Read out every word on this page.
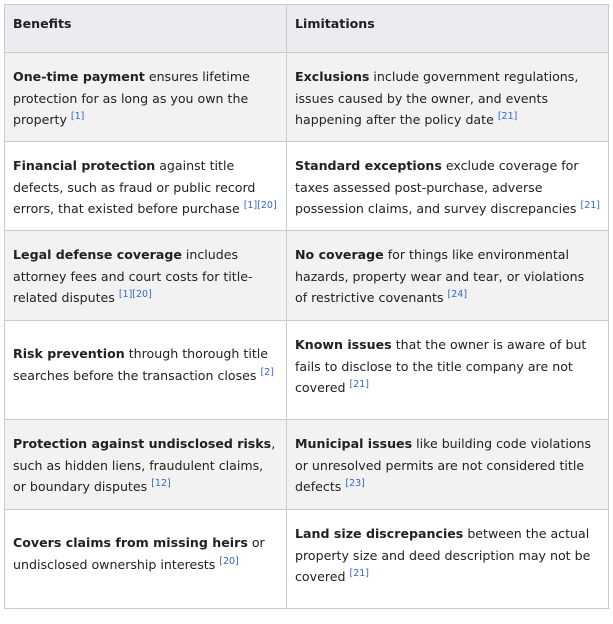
Benefits	Limitations
One-time payment ensures lifetime protection for as long as you own the property [1]	Exclusions include government regulations, issues caused by the owner, and events happening after the policy date [21]
Financial protection against title defects, such as fraud or public record errors, that existed before purchase [1][20]	Standard exceptions exclude coverage for taxes assessed post-purchase, adverse possession claims, and survey discrepancies [21]
Legal defense coverage includes attorney fees and court costs for title-related disputes [1][20]	No coverage for things like environmental hazards, property wear and tear, or violations of restrictive covenants [24]
Risk prevention through thorough title searches before the transaction closes [2]	Known issues that the owner is aware of but fails to disclose to the title company are not covered [21]
Protection against undisclosed risks, such as hidden liens, fraudulent claims, or boundary disputes [12]	Municipal issues like building code violations or unresolved permits are not considered title defects [23]
Covers claims from missing heirs or undisclosed ownership interests [20]	Land size discrepancies between the actual property size and deed description may not be covered [21]
